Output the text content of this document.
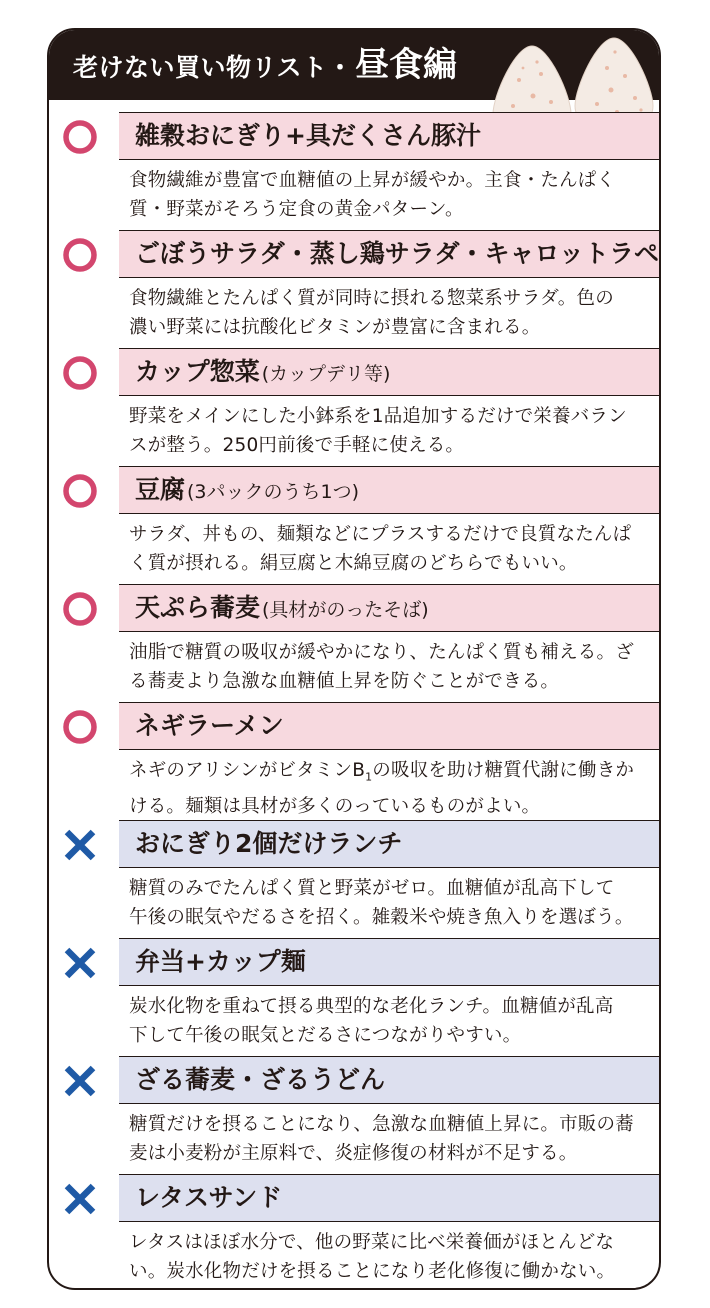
老けない買い物リスト・昼食編
雑穀おにぎり+具だくさん豚汁
食物繊維が豊富で血糖値の上昇が緩やか。主食・たんぱく
質・野菜がそろう定食の黄金パターン。
ごぼうサラダ・蒸し鶏サラダ・キャロットラペ
食物繊維とたんぱく質が同時に摂れる惣菜系サラダ。色の
濃い野菜には抗酸化ビタミンが豊富に含まれる。
カップ惣菜 (カップデリ等)
野菜をメインにした小鉢系を1品追加するだけで栄養バラン
スが整う。250円前後で手軽に使える。
豆腐 (3パックのうち1つ)
サラダ、丼もの、麺類などにプラスするだけで良質なたんぱ
く質が摂れる。絹豆腐と木綿豆腐のどちらでもいい。
天ぷら蕎麦 (具材がのったそば)
油脂で糖質の吸収が緩やかになり、たんぱく質も補える。ざ
る蕎麦より急激な血糖値上昇を防ぐことができる。
ネギラーメン
ネギのアリシンがビタミン$B_1$の吸収を助け糖質代謝に働きか
ける。麺類は具材が多くのっているものがよい。
おにぎり2個だけランチ
糖質のみでたんぱく質と野菜がゼロ。血糖値が乱高下して
午後の眠気やだるさを招く。雑穀米や焼き魚入りを選ぼう。
弁当+カップ麺
炭水化物を重ねて摂る典型的な老化ランチ。血糖値が乱高
下して午後の眠気とだるさにつながりやすい。
ざる蕎麦・ざるうどん
糖質だけを摂ることになり、急激な血糖値上昇に。市販の蕎
麦は小麦粉が主原料で、炎症修復の材料が不足する。
レタスサンド
レタスはほぼ水分で、他の野菜に比べ栄養価がほとんどな
い。炭水化物だけを摂ることになり老化修復に働かない。
